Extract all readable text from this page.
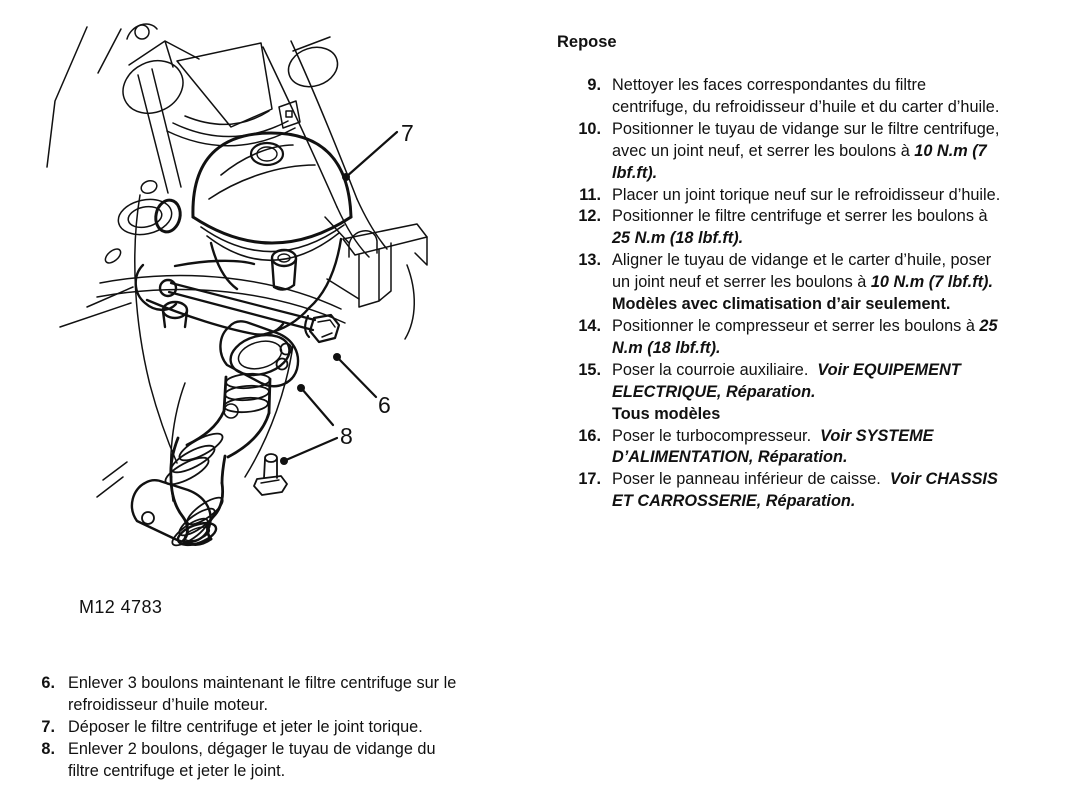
7
6
8
M12 4783
6. Enlever 3 boulons maintenant le filtre centrifuge sur le
refroidisseur d’huile moteur.
7. Déposer le filtre centrifuge et jeter le joint torique.
8. Enlever 2 boulons, dégager le tuyau de vidange du
filtre centrifuge et jeter le joint.
Repose
9. Nettoyer les faces correspondantes du filtre
centrifuge, du refroidisseur d’huile et du carter d’huile.
10. Positionner le tuyau de vidange sur le filtre centrifuge,
avec un joint neuf, et serrer les boulons à 10 N.m (7
lbf.ft).
11. Placer un joint torique neuf sur le refroidisseur d’huile.
12. Positionner le filtre centrifuge et serrer les boulons à
25 N.m (18 lbf.ft).
13. Aligner le tuyau de vidange et le carter d’huile, poser
un joint neuf et serrer les boulons à 10 N.m (7 lbf.ft).
Modèles avec climatisation d’air seulement.
14. Positionner le compresseur et serrer les boulons à 25
N.m (18 lbf.ft).
15. Poser la courroie auxiliaire.  Voir EQUIPEMENT
ELECTRIQUE, Réparation.
Tous modèles
16. Poser le turbocompresseur.  Voir SYSTEME
D’ALIMENTATION, Réparation.
17. Poser le panneau inférieur de caisse.  Voir CHASSIS
ET CARROSSERIE, Réparation.
